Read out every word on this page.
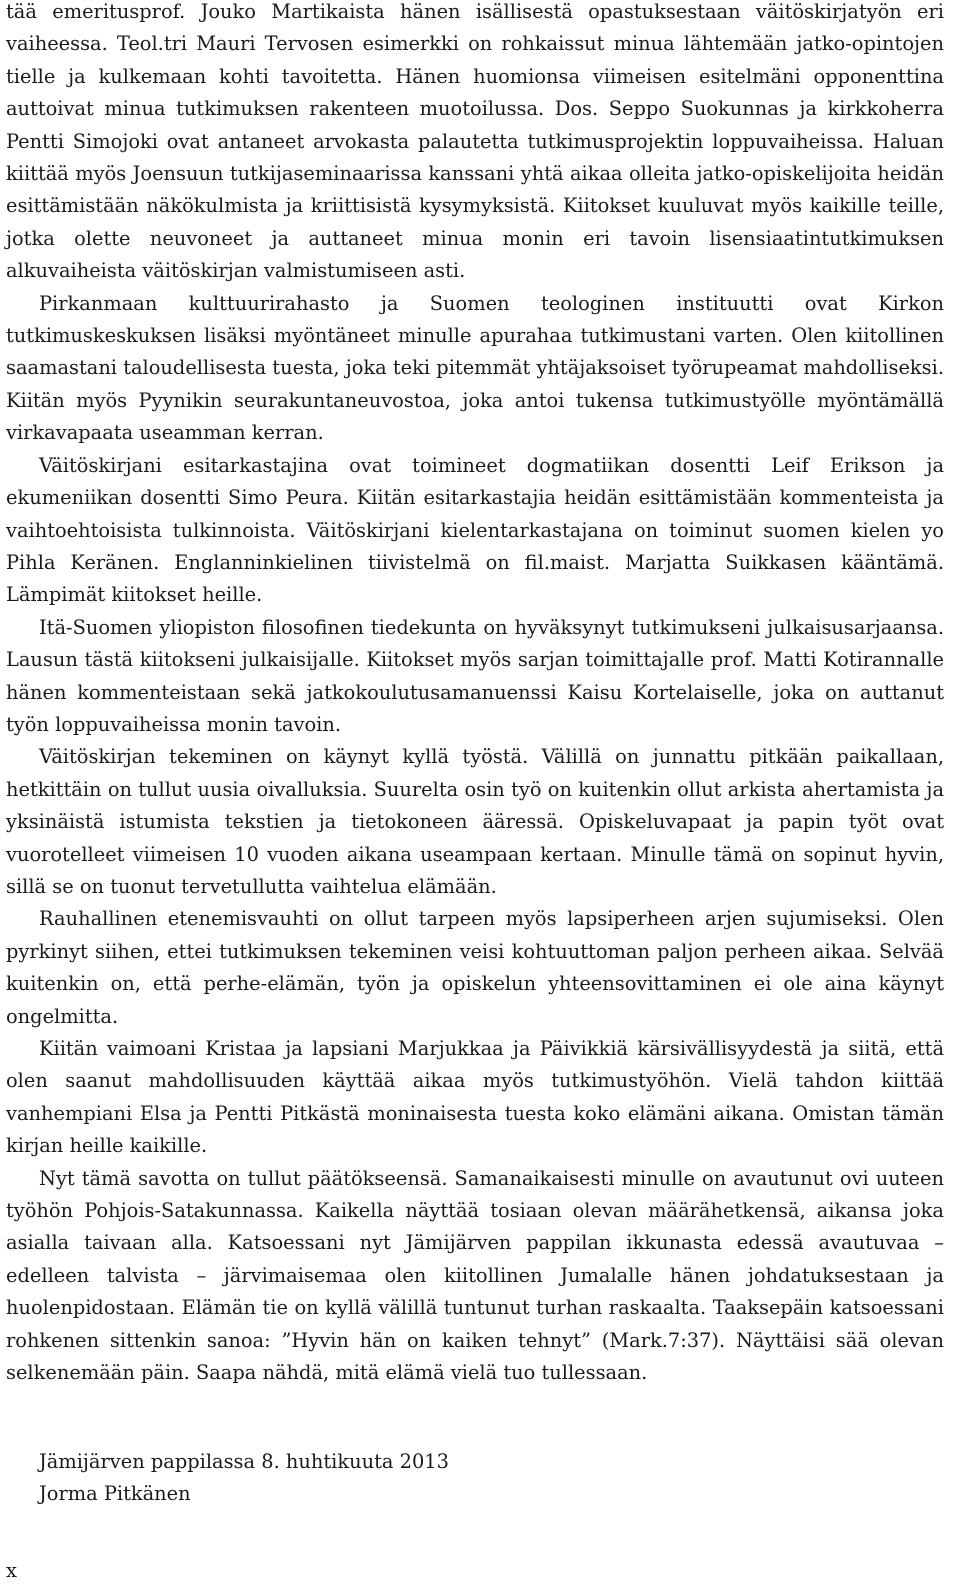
tää emeritusprof. Jouko Martikaista hänen isällisestä opastuksestaan väitöskirjatyön eri vaiheessa. Teol.tri Mauri Tervosen esimerkki on rohkaissut minua lähtemään jatko-opintojen tielle ja kulkemaan kohti tavoitetta. Hänen huomionsa viimeisen esitelmäni opponenttina auttoivat minua tutkimuksen rakenteen muotoilussa. Dos. Seppo Suokunnas ja kirkkoherra Pentti Simojoki ovat antaneet arvokasta palautetta tutkimusprojektin loppuvaiheissa. Haluan kiittää myös Joensuun tutkijaseminaarissa kanssani yhtä aikaa olleita jatko-opiskelijoita heidän esittämistään näkökulmista ja kriittisistä kysymyksistä. Kiitokset kuuluvat myös kaikille teille, jotka olette neuvoneet ja auttaneet minua monin eri tavoin lisensiaatintutkimuksen alkuvaiheista väitöskirjan valmistumiseen asti.

Pirkanmaan kulttuurirahasto ja Suomen teologinen instituutti ovat Kirkon tutkimuskeskuksen lisäksi myöntäneet minulle apurahaa tutkimustani varten. Olen kiitollinen saamastani taloudellisesta tuesta, joka teki pitemmät yhtäjaksoiset työrupeamat mahdolliseksi. Kiitän myös Pyynikin seurakuntaneuvostoa, joka antoi tukensa tutkimustyölle myöntämällä virkavapaata useamman kerran.

Väitöskirjani esitarkastajina ovat toimineet dogmatiikan dosentti Leif Erikson ja ekumeniikan dosentti Simo Peura. Kiitän esitarkastajia heidän esittämistään kommenteista ja vaihtoehtoisista tulkinnoista. Väitöskirjani kielentarkastajana on toiminut suomen kielen yo Pihla Keränen. Englanninkielinen tiivistelmä on fil.maist. Marjatta Suikkasen kääntämä. Lämpimät kiitokset heille.

Itä-Suomen yliopiston filosofinen tiedekunta on hyväksynyt tutkimukseni julkaisusarjaansa. Lausun tästä kiitokseni julkaisijalle. Kiitokset myös sarjan toimittajalle prof. Matti Kotirannalle hänen kommenteistaan sekä jatkokoulutusamanuenssi Kaisu Kortelaiselle, joka on auttanut työn loppuvaiheissa monin tavoin.

Väitöskirjan tekeminen on käynyt kyllä työstä. Välillä on junnattu pitkään paikallaan, hetkittäin on tullut uusia oivalluksia. Suurelta osin työ on kuitenkin ollut arkista ahertamista ja yksinäistä istumista tekstien ja tietokoneen ääressä. Opiskeluvapaat ja papin työt ovat vuorotelleet viimeisen 10 vuoden aikana useampaan kertaan. Minulle tämä on sopinut hyvin, sillä se on tuonut tervetullutta vaihtelua elämään.

Rauhallinen etenemisvauhti on ollut tarpeen myös lapsiperheen arjen sujumiseksi. Olen pyrkinyt siihen, ettei tutkimuksen tekeminen veisi kohtuuttoman paljon perheen aikaa. Selvää kuitenkin on, että perhe-elämän, työn ja opiskelun yhteensovittaminen ei ole aina käynyt ongelmitta.

Kiitän vaimoani Kristaa ja lapsiani Marjukkaa ja Päivikkiä kärsivällisyydestä ja siitä, että olen saanut mahdollisuuden käyttää aikaa myös tutkimustyöhön. Vielä tahdon kiittää vanhempiani Elsa ja Pentti Pitkästä moninaisesta tuesta koko elämäni aikana. Omistan tämän kirjan heille kaikille.

Nyt tämä savotta on tullut päätökseensä. Samanaikaisesti minulle on avautunut ovi uuteen työhön Pohjois-Satakunnassa. Kaikella näyttää tosiaan olevan määrähetkensä, aikansa joka asialla taivaan alla. Katsoessani nyt Jämijärven pappilan ikkunasta edessä avautuvaa – edelleen talvista – järvimaisemaa olen kiitollinen Jumalalle hänen johdatuksestaan ja huolenpidostaan. Elämän tie on kyllä välillä tuntunut turhan raskaalta. Taaksepäin katsoessani rohkenen sittenkin sanoa: ”Hyvin hän on kaiken tehnyt” (Mark.7:37). Näyttäisi sää olevan selkenemään päin. Saapa nähdä, mitä elämä vielä tuo tullessaan.

Jämijärven pappilassa 8. huhtikuuta 2013
Jorma Pitkänen
x
